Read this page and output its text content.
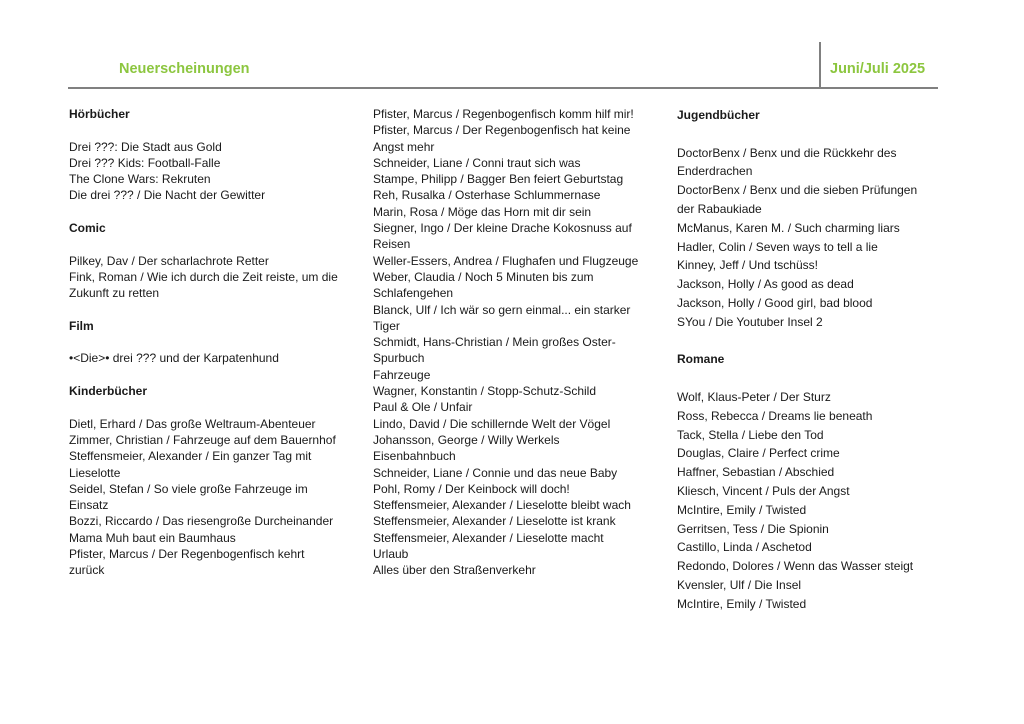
Neuerscheinungen	Juni/Juli 2025

Hörbücher

Drei ???: Die Stadt aus Gold

Drei ??? Kids: Football-Falle

The Clone Wars: Rekruten

Die drei ??? / Die Nacht der Gewitter

Comic

Pilkey, Dav / Der scharlachrote Retter

Fink, Roman / Wie ich durch die Zeit reiste, um die Zukunft zu retten

Film

•<Die>• drei ??? und der Karpatenhund

Kinderbücher

Dietl, Erhard / Das große Weltraum-Abenteuer

Zimmer, Christian / Fahrzeuge auf dem Bauernhof

Steffensmeier, Alexander / Ein ganzer Tag mit Lieselotte

Seidel, Stefan / So viele große Fahrzeuge im Einsatz

Bozzi, Riccardo / Das riesengroße Durcheinander

Mama Muh baut ein Baumhaus

Pfister, Marcus / Der Regenbogenfisch kehrt zurück

Pfister, Marcus / Regenbogenfisch komm hilf mir!

Pfister, Marcus / Der Regenbogenfisch hat keine Angst mehr

Schneider, Liane / Conni traut sich was

Stampe, Philipp / Bagger Ben feiert Geburtstag

Reh, Rusalka / Osterhase Schlummernase

Marin, Rosa / Möge das Horn mit dir sein

Siegner, Ingo / Der kleine Drache Kokosnuss auf Reisen

Weller-Essers, Andrea / Flughafen und Flugzeuge

Weber, Claudia / Noch 5 Minuten bis zum Schlafengehen

Blanck, Ulf / Ich wär so gern einmal... ein starker Tiger

Schmidt, Hans-Christian / Mein großes Oster-Spurbuch

Fahrzeuge

Wagner, Konstantin / Stopp-Schutz-Schild

Paul & Ole / Unfair

Lindo, David / Die schillernde Welt der Vögel

Johansson, George / Willy Werkels Eisenbahnbuch

Schneider, Liane / Connie und das neue Baby

Pohl, Romy / Der Keinbock will doch!

Steffensmeier, Alexander / Lieselotte bleibt wach

Steffensmeier, Alexander / Lieselotte ist krank

Steffensmeier, Alexander / Lieselotte macht Urlaub

Alles über den Straßenverkehr

Jugendbücher

DoctorBenx / Benx und die Rückkehr des Enderdrachen

DoctorBenx / Benx und die sieben Prüfungen der Rabaukiade

McManus, Karen M. / Such charming liars

Hadler, Colin / Seven ways to tell a lie

Kinney, Jeff / Und tschüss!

Jackson, Holly / As good as dead

Jackson, Holly / Good girl, bad blood

SYou / Die Youtuber Insel 2

Romane

Wolf, Klaus-Peter / Der Sturz

Ross, Rebecca / Dreams lie beneath

Tack, Stella / Liebe den Tod

Douglas, Claire / Perfect crime

Haffner, Sebastian / Abschied

Kliesch, Vincent / Puls der Angst

McIntire, Emily / Twisted

Gerritsen, Tess / Die Spionin

Castillo, Linda / Aschetod

Redondo, Dolores / Wenn das Wasser steigt

Kvensler, Ulf / Die Insel

McIntire, Emily / Twisted
